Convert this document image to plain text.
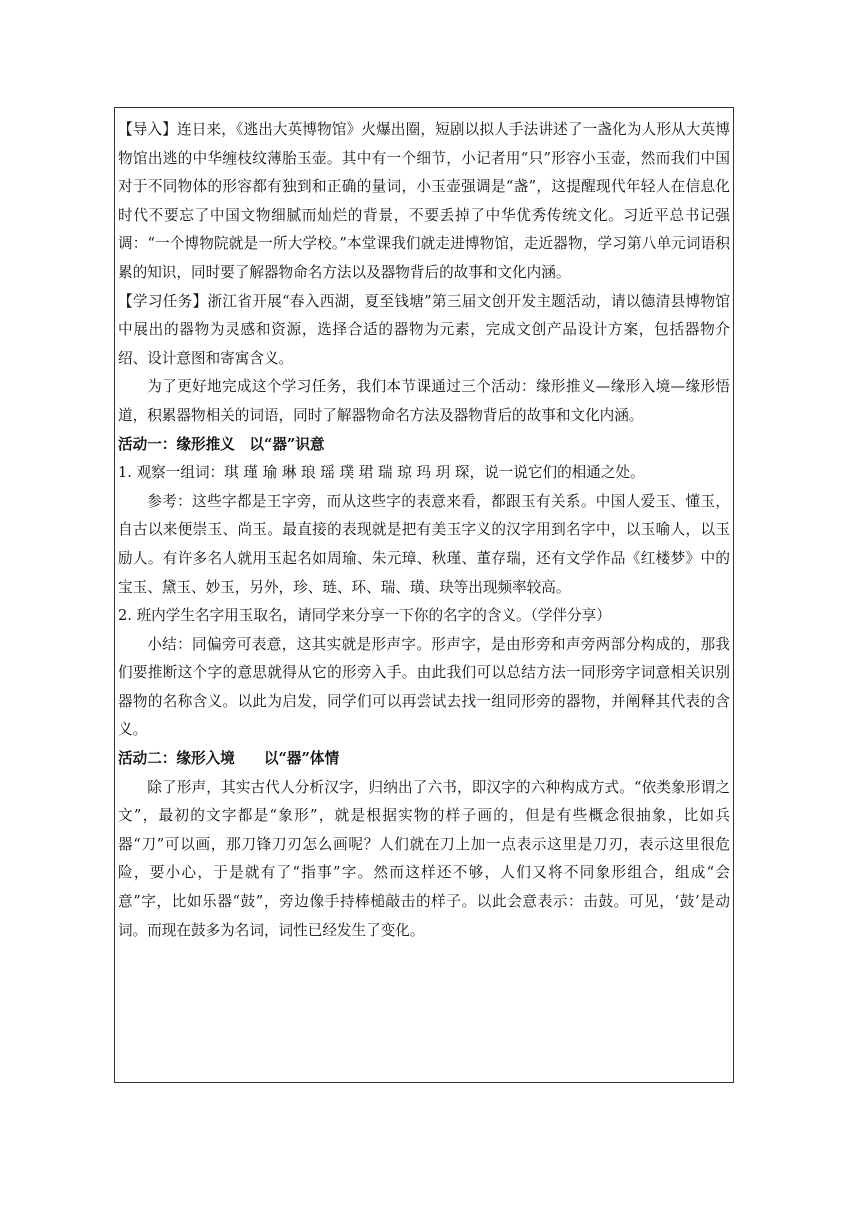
【导入】连日来，《逃出大英博物馆》火爆出圈，短剧以拟人手法讲述了一盏化为人形从大英博物馆出逃的中华缠枝纹薄胎玉壶。其中有一个细节，小记者用“只”形容小玉壶，然而我们中国对于不同物体的形容都有独到和正确的量词，小玉壶强调是“盏”，这提醒现代年轻人在信息化时代不要忘了中国文物细腻而灿烂的背景，不要丢掉了中华优秀传统文化。习近平总书记强调：“一个博物院就是一所大学校。”本堂课我们就走进博物馆，走近器物，学习第八单元词语积累的知识，同时要了解器物命名方法以及器物背后的故事和文化内涵。

【学习任务】浙江省开展“春入西湖，夏至钱塘”第三届文创开发主题活动，请以德清县博物馆中展出的器物为灵感和资源，选择合适的器物为元素，完成文创产品设计方案，包括器物介绍、设计意图和寄寓含义。

为了更好地完成这个学习任务，我们本节课通过三个活动：缘形推义—缘形入境—缘形悟道，积累器物相关的词语，同时了解器物命名方法及器物背后的故事和文化内涵。

活动一：缘形推义　以“器”识意

1. 观察一组词：琪 瑾 瑜 琳 琅 瑶 璞 珺 瑞 琼 玛 玥 琛，说一说它们的相通之处。

参考：这些字都是王字旁，而从这些字的表意来看，都跟玉有关系。中国人爱玉、懂玉，自古以来便崇玉、尚玉。最直接的表现就是把有美玉字义的汉字用到名字中，以玉喻人，以玉励人。有许多名人就用玉起名如周瑜、朱元璋、秋瑾、董存瑞，还有文学作品《红楼梦》中的宝玉、黛玉、妙玉，另外，珍、琏、环、瑞、璜、玦等出现频率较高。

2. 班内学生名字用玉取名，请同学来分享一下你的名字的含义。（学伴分享）

小结：同偏旁可表意，这其实就是形声字。形声字，是由形旁和声旁两部分构成的，那我们要推断这个字的意思就得从它的形旁入手。由此我们可以总结方法一同形旁字词意相关识别器物的名称含义。以此为启发，同学们可以再尝试去找一组同形旁的器物，并阐释其代表的含义。

活动二：缘形入境　　以“器”体情

除了形声，其实古代人分析汉字，归纳出了六书，即汉字的六种构成方式。“依类象形谓之文”，最初的文字都是“象形”，就是根据实物的样子画的，但是有些概念很抽象，比如兵器“刀”可以画，那刀锋刀刃怎么画呢？人们就在刀上加一点表示这里是刀刃，表示这里很危险，要小心，于是就有了“指事”字。然而这样还不够，人们又将不同象形组合，组成“会意”字，比如乐器“鼓”，旁边像手持棒槌敲击的样子。以此会意表示：击鼓。可见，‘鼓’是动词。而现在鼓多为名词，词性已经发生了变化。
